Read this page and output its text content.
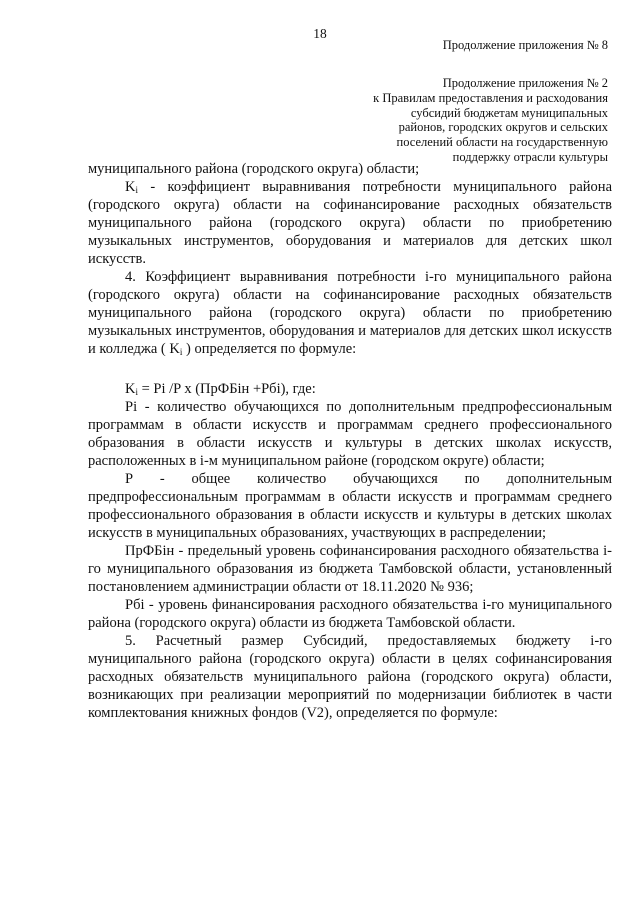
18
Продолжение приложения № 8
Продолжение приложения № 2
к Правилам предоставления и расходования
субсидий бюджетам муниципальных
районов, городских округов и сельских
поселений области на государственную
поддержку отрасли культуры

муниципального района (городского округа) области;

$K_i$ - коэффициент выравнивания потребности муниципального района (городского округа) области на софинансирование расходных обязательств муниципального района (городского округа) области по приобретению музыкальных инструментов, оборудования и материалов для детских школ искусств.

4. Коэффициент выравнивания потребности i-го муниципального района (городского округа) области на софинансирование расходных обязательств муниципального района (городского округа) области по приобретению музыкальных инструментов, оборудования и материалов для детских школ искусств и колледжа ( $K_i$ ) определяется по формуле:

$K_i = Pi$ /P x (ПрФБiн +Рбi), где:

Pi - количество обучающихся по дополнительным предпрофессиональным программам в области искусств и программам среднего профессионального образования в области искусств и культуры в детских школах искусств, расположенных в i-м муниципальном районе (городском округе) области;

Р - общее количество обучающихся по дополнительным предпрофессиональным программам в области искусств и программам среднего профессионального образования в области искусств и культуры в детских школах искусств в муниципальных образованиях, участвующих в распределении;

ПрФБiн - предельный уровень софинансирования расходного обязательства i-го муниципального образования из бюджета Тамбовской области, установленный постановлением администрации области от 18.11.2020 № 936;

Рбi - уровень финансирования расходного обязательства i-го муниципального района (городского округа) области из бюджета Тамбовской области.

5. Расчетный размер Субсидий, предоставляемых бюджету i-го муниципального района (городского округа) области в целях софинансирования расходных обязательств муниципального района (городского округа) области, возникающих при реализации мероприятий по модернизации библиотек в части комплектования книжных фондов (V2), определяется по формуле:
